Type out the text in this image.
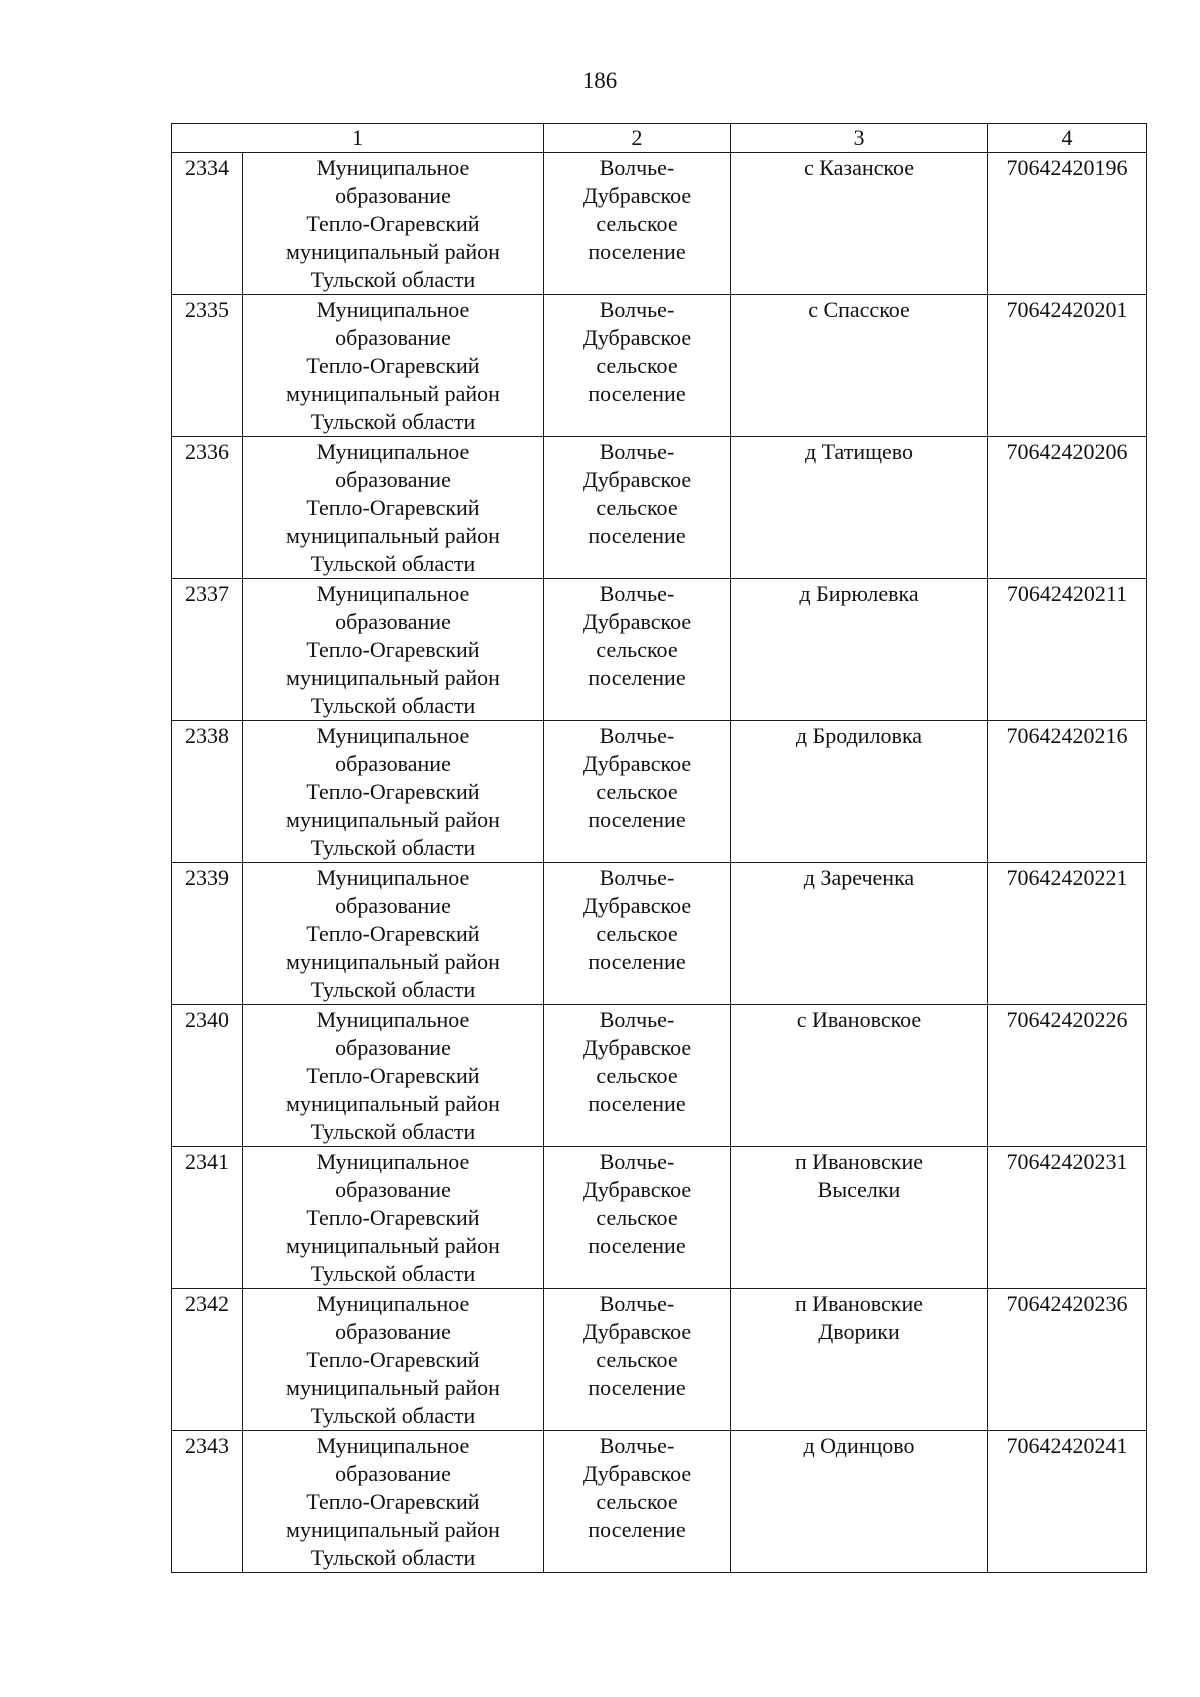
186
1		2	3	4
2334	Муниципальное
образование
Тепло-Огаревский
муниципальный район
Тульской области	Волчье-
Дубравское
сельское
поселение	с Казанское	70642420196
2335	Муниципальное
образование
Тепло-Огаревский
муниципальный район
Тульской области	Волчье-
Дубравское
сельское
поселение	с Спасское	70642420201
2336	Муниципальное
образование
Тепло-Огаревский
муниципальный район
Тульской области	Волчье-
Дубравское
сельское
поселение	д Татищево	70642420206
2337	Муниципальное
образование
Тепло-Огаревский
муниципальный район
Тульской области	Волчье-
Дубравское
сельское
поселение	д Бирюлевка	70642420211
2338	Муниципальное
образование
Тепло-Огаревский
муниципальный район
Тульской области	Волчье-
Дубравское
сельское
поселение	д Бродиловка	70642420216
2339	Муниципальное
образование
Тепло-Огаревский
муниципальный район
Тульской области	Волчье-
Дубравское
сельское
поселение	д Зареченка	70642420221
2340	Муниципальное
образование
Тепло-Огаревский
муниципальный район
Тульской области	Волчье-
Дубравское
сельское
поселение	с Ивановское	70642420226
2341	Муниципальное
образование
Тепло-Огаревский
муниципальный район
Тульской области	Волчье-
Дубравское
сельское
поселение	п Ивановские
Выселки	70642420231
2342	Муниципальное
образование
Тепло-Огаревский
муниципальный район
Тульской области	Волчье-
Дубравское
сельское
поселение	п Ивановские
Дворики	70642420236
2343	Муниципальное
образование
Тепло-Огаревский
муниципальный район
Тульской области	Волчье-
Дубравское
сельское
поселение	д Одинцово	70642420241
